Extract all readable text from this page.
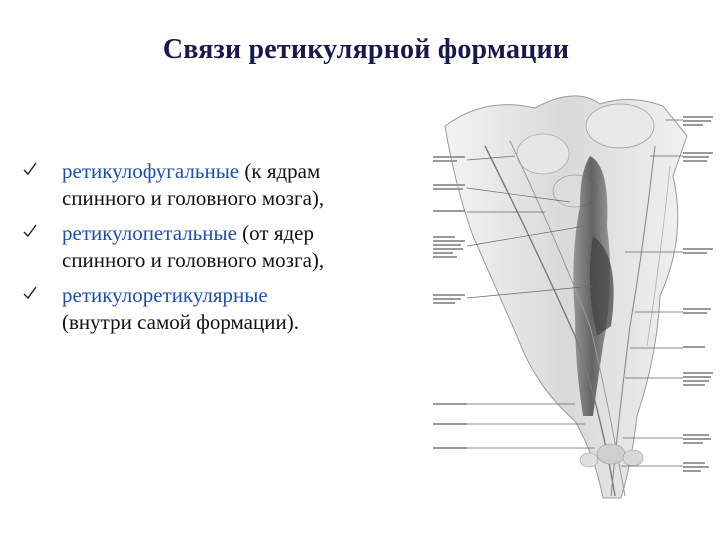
Связи ретикулярной формации
ретикулофугальные (к ядрам
спинного и головного мозга),
ретикулопетальные (от ядер
спинного и головного мозга),
ретикулоретикулярные
(внутри самой формации).
